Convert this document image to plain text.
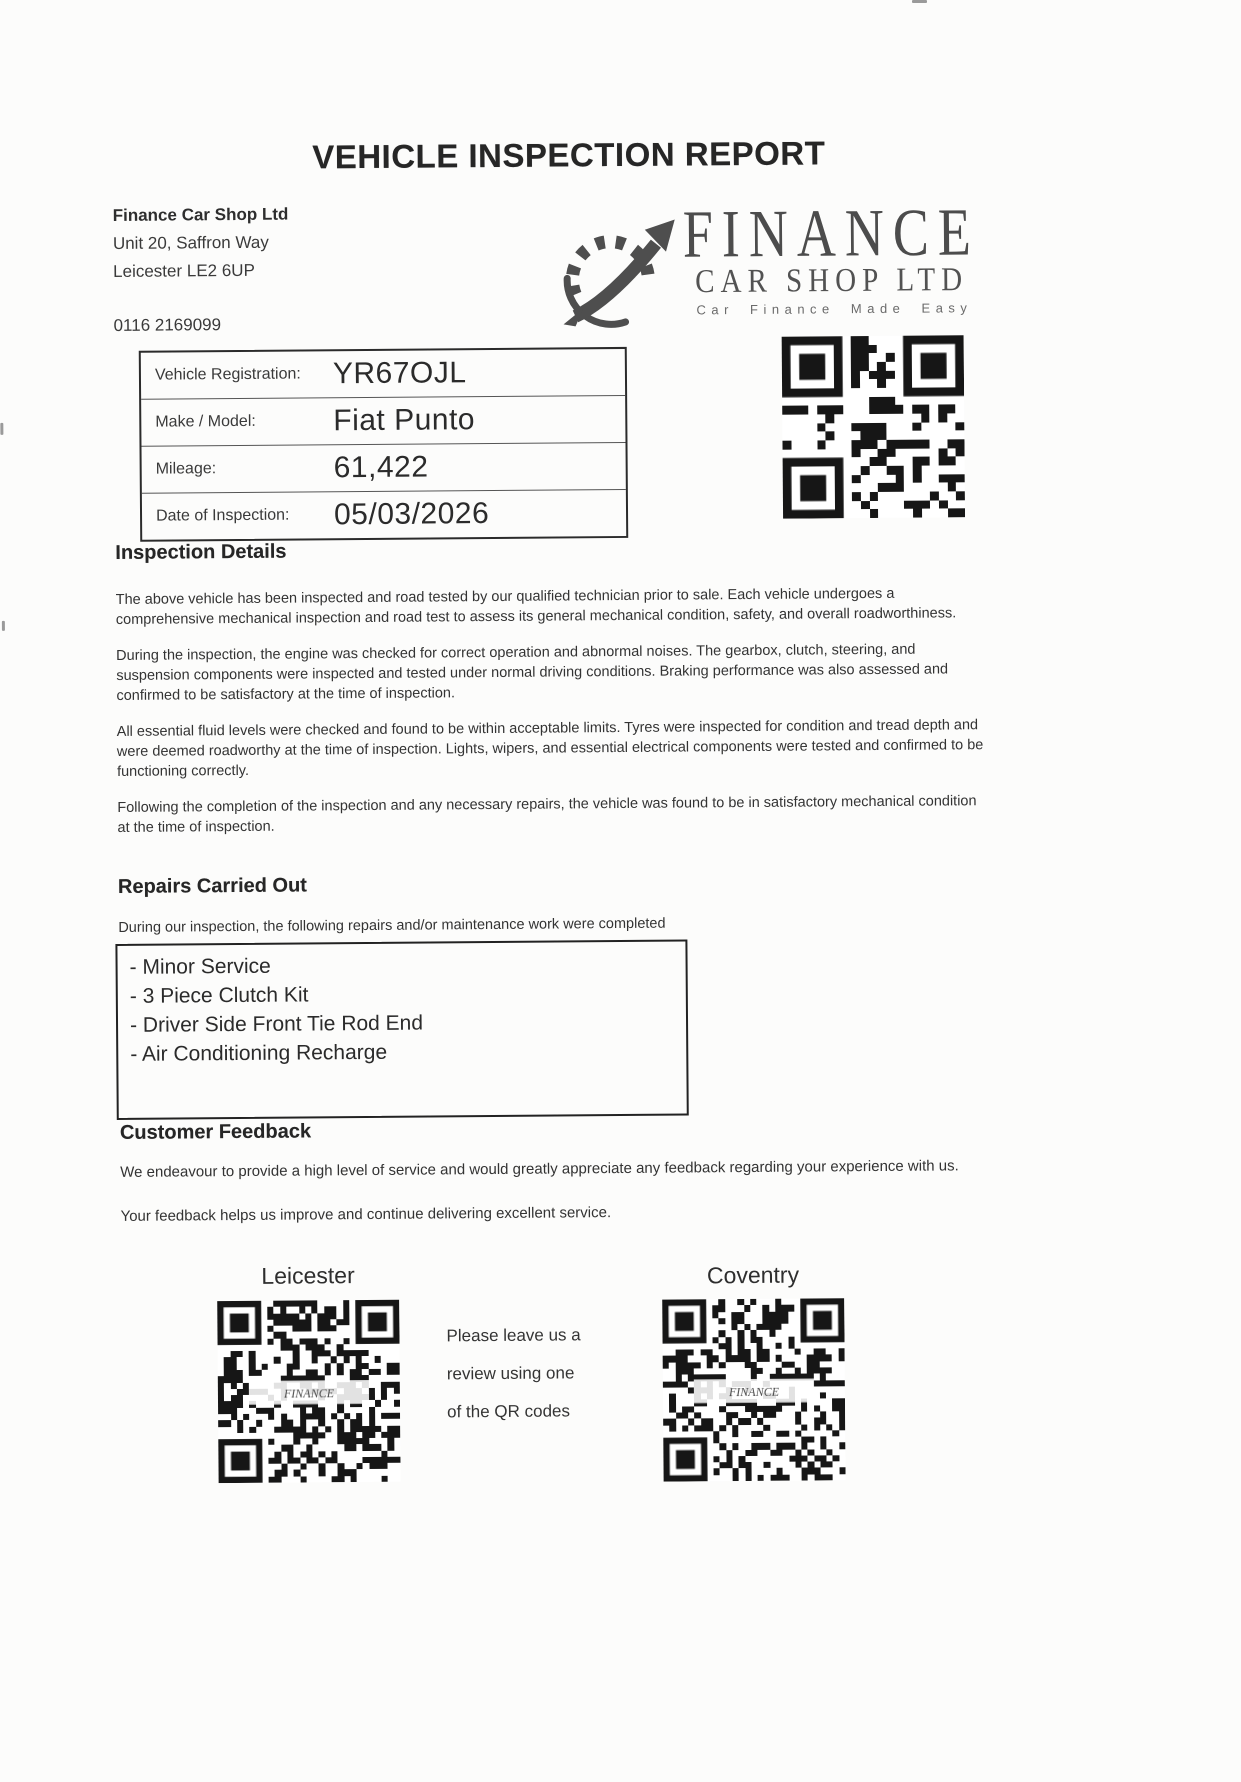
VEHICLE INSPECTION REPORT
Finance Car Shop Ltd
Unit 20, Saffron Way
Leicester LE2 6UP
0116 2169099
FINANCE
CAR SHOP LTD
Car Finance Made Easy
Vehicle Registration:	YR67OJL
Make / Model:	Fiat Punto
Mileage:	61,422
Date of Inspection:	05/03/2026
Inspection Details

The above vehicle has been inspected and road tested by our qualified technician prior to sale. Each vehicle undergoes a comprehensive mechanical inspection and road test to assess its general mechanical condition, safety, and overall roadworthiness.

During the inspection, the engine was checked for correct operation and abnormal noises. The gearbox, clutch, steering, and suspension components were inspected and tested under normal driving conditions. Braking performance was also assessed and confirmed to be satisfactory at the time of inspection.

All essential fluid levels were checked and found to be within acceptable limits. Tyres were inspected for condition and tread depth and were deemed roadworthy at the time of inspection. Lights, wipers, and essential electrical components were tested and confirmed to be functioning correctly.

Following the completion of the inspection and any necessary repairs, the vehicle was found to be in satisfactory mechanical condition at the time of inspection.

Repairs Carried Out
During our inspection, the following repairs and/or maintenance work were completed
- Minor Service
- 3 Piece Clutch Kit
- Driver Side Front Tie Rod End
- Air Conditioning Recharge
Customer Feedback

We endeavour to provide a high level of service and would greatly appreciate any feedback regarding your experience with us.

Your feedback helps us improve and continue delivering excellent service.

Leicester	Coventry
Please leave us a
review using one
of the QR codes
